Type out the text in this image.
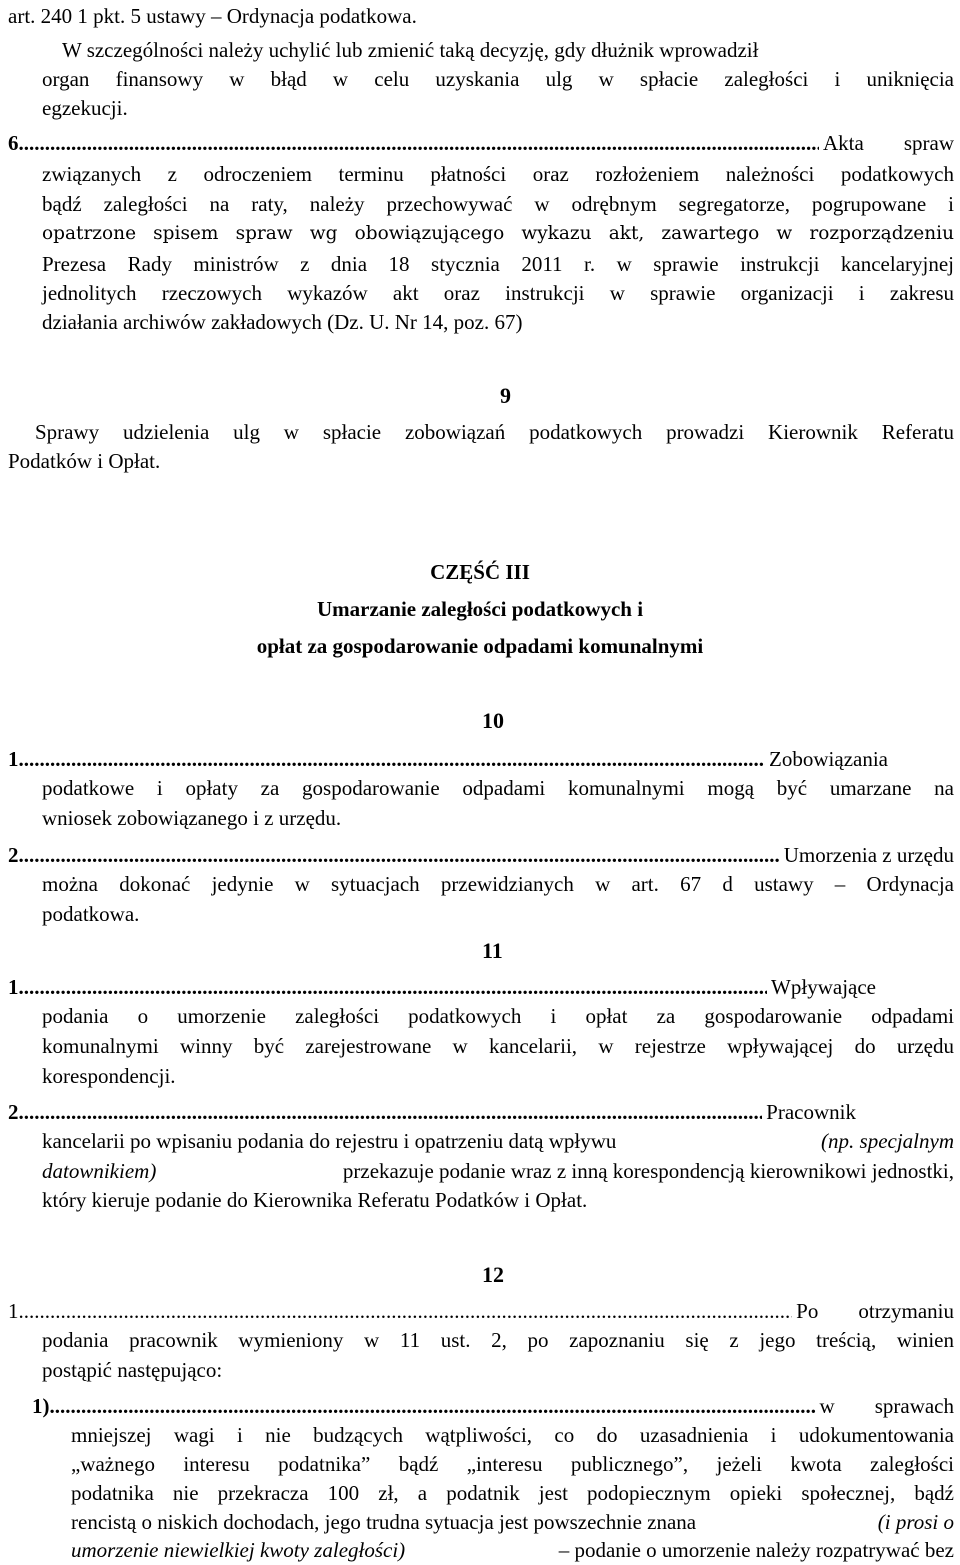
art. 240 1 pkt. 5 ustawy – Ordynacja podatkowa.
W szczególności należy uchylić lub zmienić taką decyzję, gdy dłużnik wprowadził
organ finansowy w błąd w celu uzyskania ulg w spłacie zaległości i uniknięcia
egzekucji.
6. .....	Akta	spraw
związanych z odroczeniem terminu płatności oraz rozłożeniem należności podatkowych
bądź zaległości na raty, należy przechowywać w odrębnym segregatorze, pogrupowane i
opatrzone spisem spraw wg obowiązującego wykazu akt, zawartego w rozporządzeniu
Prezesa Rady ministrów z dnia 18 stycznia 2011 r. w sprawie instrukcji kancelaryjnej
jednolitych rzeczowych wykazów akt oraz instrukcji w sprawie organizacji i zakresu
działania archiwów zakładowych (Dz. U. Nr 14, poz. 67)
9
Sprawy udzielenia ulg w spłacie zobowiązań podatkowych prowadzi Kierownik Referatu
Podatków i Opłat.
CZĘŚĆ III
Umarzanie zaległości podatkowych i
opłat za gospodarowanie odpadami komunalnymi
10
1. .....	Zobowiązania
podatkowe i opłaty za gospodarowanie odpadami komunalnymi mogą być umarzane na
wniosek zobowiązanego i z urzędu.
2. .....	Umorzenia z urzędu
można dokonać jedynie w sytuacjach przewidzianych w art. 67 d ustawy – Ordynacja
podatkowa.
11
1. .....	Wpływające
podania o umorzenie zaległości podatkowych i opłat za gospodarowanie odpadami
komunalnymi winny być zarejestrowane w kancelarii, w rejestrze wpływającej do urzędu
korespondencji.
2. .....	Pracownik
kancelarii po wpisaniu podania do rejestru i opatrzeniu datą wpływu	(np. specjalnym
datownikiem)	przekazuje podanie wraz z inną korespondencją kierownikowi jednostki,
który kieruje podanie do Kierownika Referatu Podatków i Opłat.
12
1. .....	Po	otrzymaniu
podania pracownik wymieniony w 11 ust. 2, po zapoznaniu się z jego treścią, winien
postąpić następująco:
1) .....	w	sprawach
mniejszej wagi i nie budzących wątpliwości, co do uzasadnienia i udokumentowania
„ważnego interesu podatnika” bądź „interesu publicznego”, jeżeli kwota zaległości
podatnika nie przekracza 100 zł, a podatnik jest podopiecznym opieki społecznej, bądź
rencistą o niskich dochodach, jego trudna sytuacja jest powszechnie znana	(i prosi o
umorzenie niewielkiej kwoty zaległości)	– podanie o umorzenie należy rozpatrywać bez
